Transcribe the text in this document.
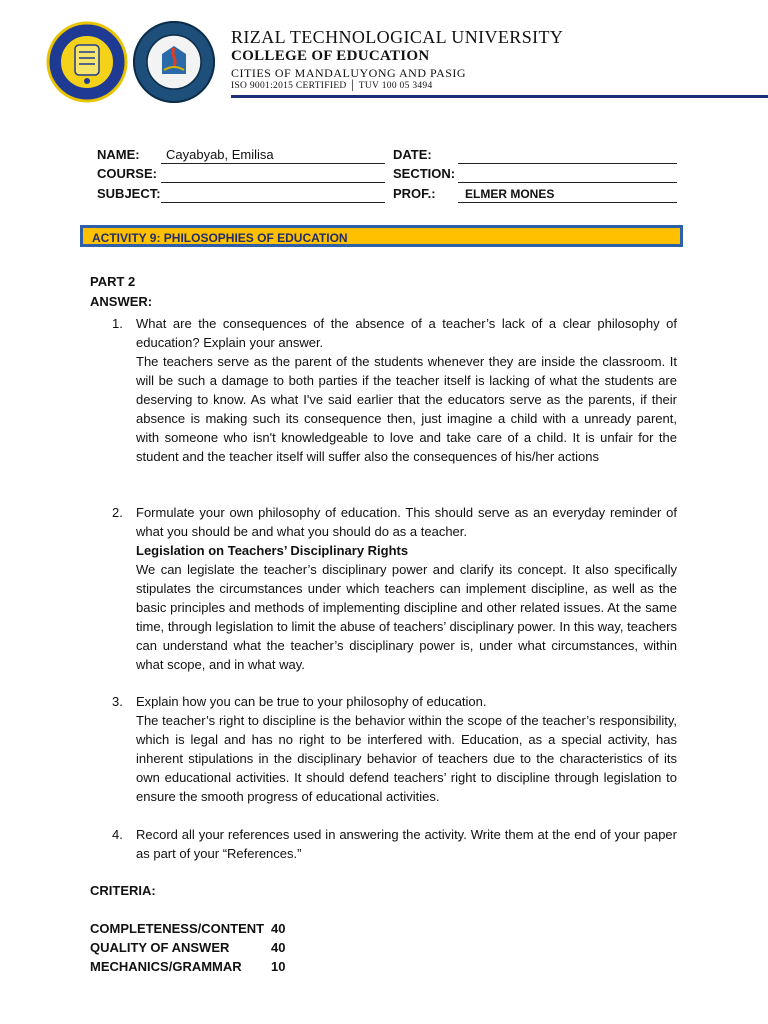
RIZAL TECHNOLOGICAL UNIVERSITY
COLLEGE OF EDUCATION
CITIES OF MANDALUYONG AND PASIG
ISO 9001:2015 CERTIFIED │ TUV 100 05 3494
NAME: Cayabyab, Emilisa	DATE:
COURSE:	SECTION:
SUBJECT:	PROF.: ELMER MONES
ACTIVITY 9: PHILOSOPHIES OF EDUCATION
PART 2
ANSWER:
1. What are the consequences of the absence of a teacher’s lack of a clear philosophy of education? Explain your answer.

The teachers serve as the parent of the students whenever they are inside the classroom. It will be such a damage to both parties if the teacher itself is lacking of what the students are deserving to know. As what I've said earlier that the educators serve as the parents, if their absence is making such its consequence then, just imagine a child with a unready parent, with someone who isn't knowledgeable to love and take care of a child. It is unfair for the student and the teacher itself will suffer also the consequences of his/her actions

2. Formulate your own philosophy of education. This should serve as an everyday reminder of what you should be and what you should do as a teacher.

Legislation on Teachers’ Disciplinary Rights

We can legislate the teacher’s disciplinary power and clarify its concept. It also specifically stipulates the circumstances under which teachers can implement discipline, as well as the basic principles and methods of implementing discipline and other related issues. At the same time, through legislation to limit the abuse of teachers’ disciplinary power. In this way, teachers can understand what the teacher’s disciplinary power is, under what circumstances, within what scope, and in what way.

3. Explain how you can be true to your philosophy of education.

The teacher’s right to discipline is the behavior within the scope of the teacher’s responsibility, which is legal and has no right to be interfered with. Education, as a special activity, has inherent stipulations in the disciplinary behavior of teachers due to the characteristics of its own educational activities. It should defend teachers’ right to discipline through legislation to ensure the smooth progress of educational activities.

4. Record all your references used in answering the activity. Write them at the end of your paper as part of your “References.”

CRITERIA:
COMPLETENESS/CONTENT 40
QUALITY OF ANSWER	40
MECHANICS/GRAMMAR 10
